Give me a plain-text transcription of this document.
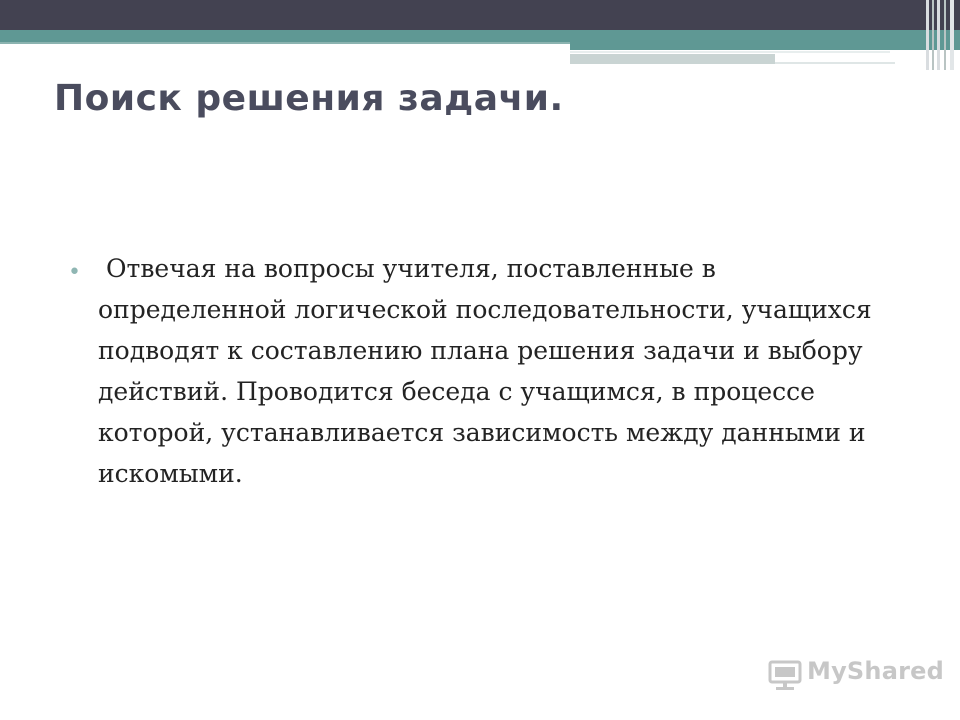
Поиск решения задачи.
•	Отвечая на вопросы учителя, поставленные в определенной логической последовательности, учащихся подводят к составлению плана решения задачи и выбору действий. Проводится беседа с учащимся, в процессе которой, устанавливается зависимость между данными и искомыми.
MyShared
